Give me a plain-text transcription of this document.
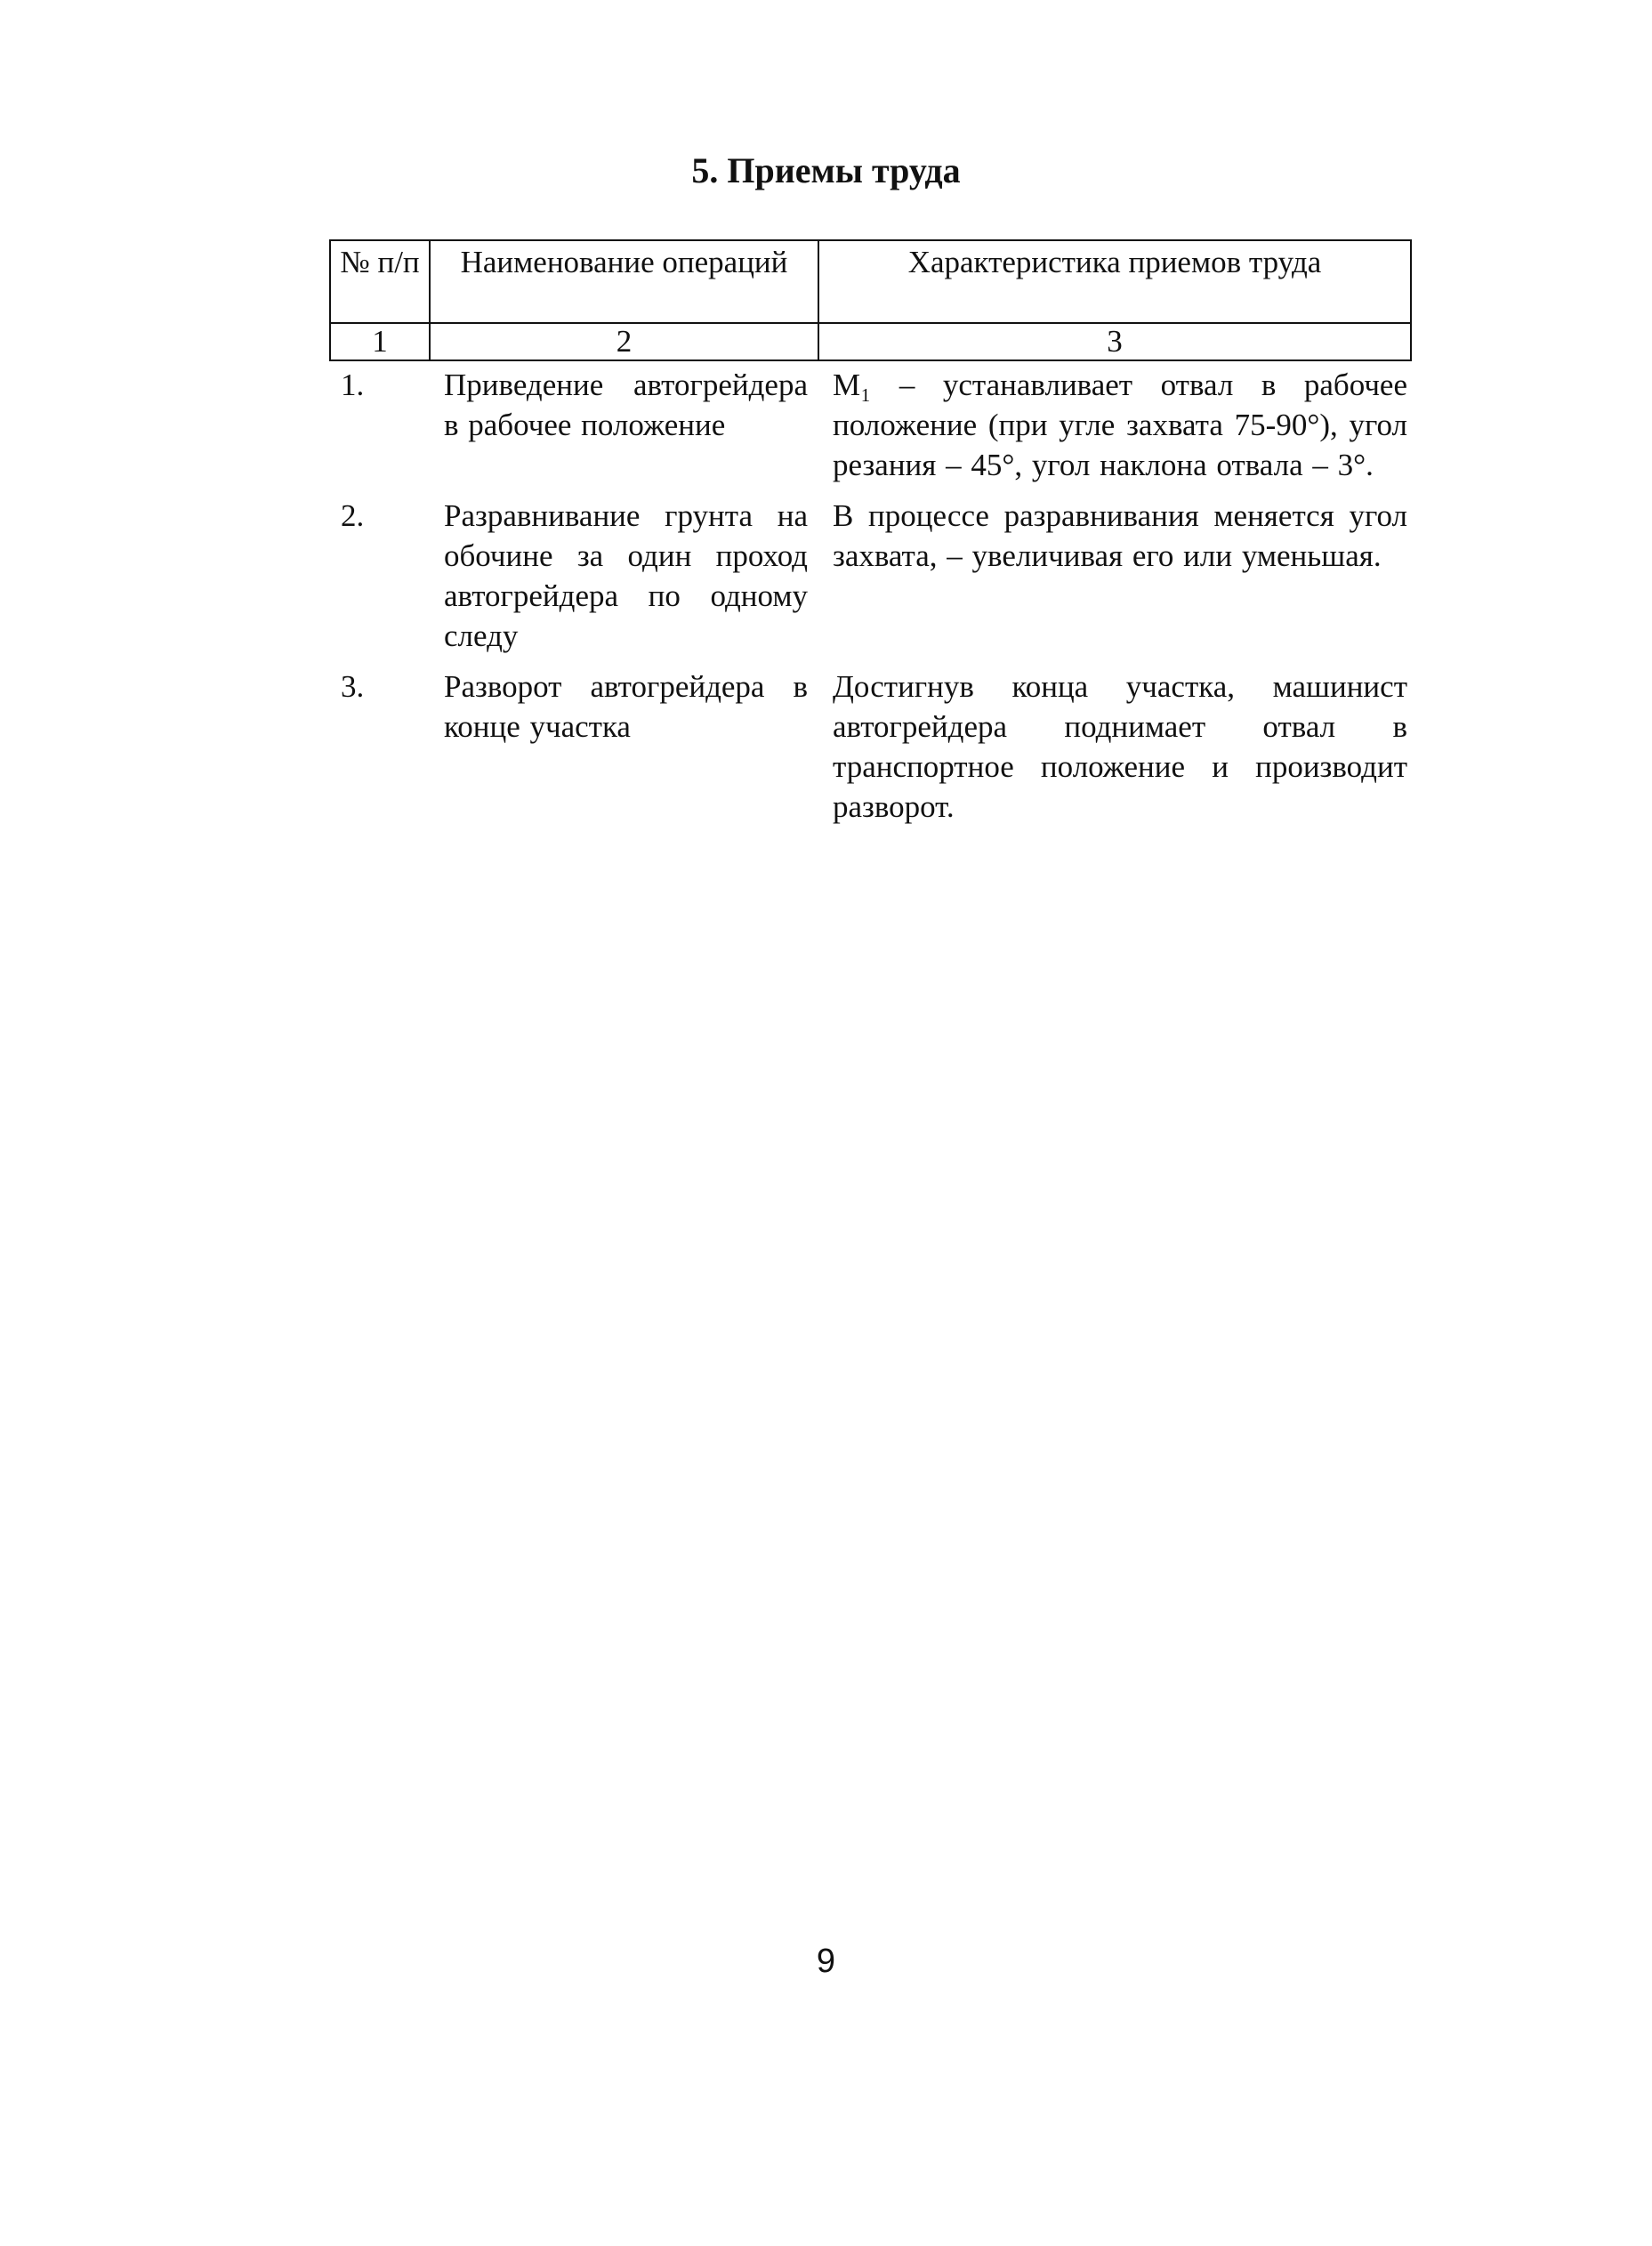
5. Приемы труда
№ п/п	Наименование операций	Характеристика приемов труда
1	2	3
1.	Приведение автогрейдера в рабочее положение	M₁ – устанавливает отвал в рабочее положение (при угле захвата 75-90°), угол резания – 45°, угол наклона отвала – 3°.
2.	Разравнивание грунта на обочине за один проход автогрейдера по одному следу	В процессе разравнивания меняется угол захвата, – увеличивая его или уменьшая.
3.	Разворот автогрейдера в конце участка	Достигнув конца участка, машинист автогрейдера поднимает отвал в транспортное положение и производит разворот.
9
